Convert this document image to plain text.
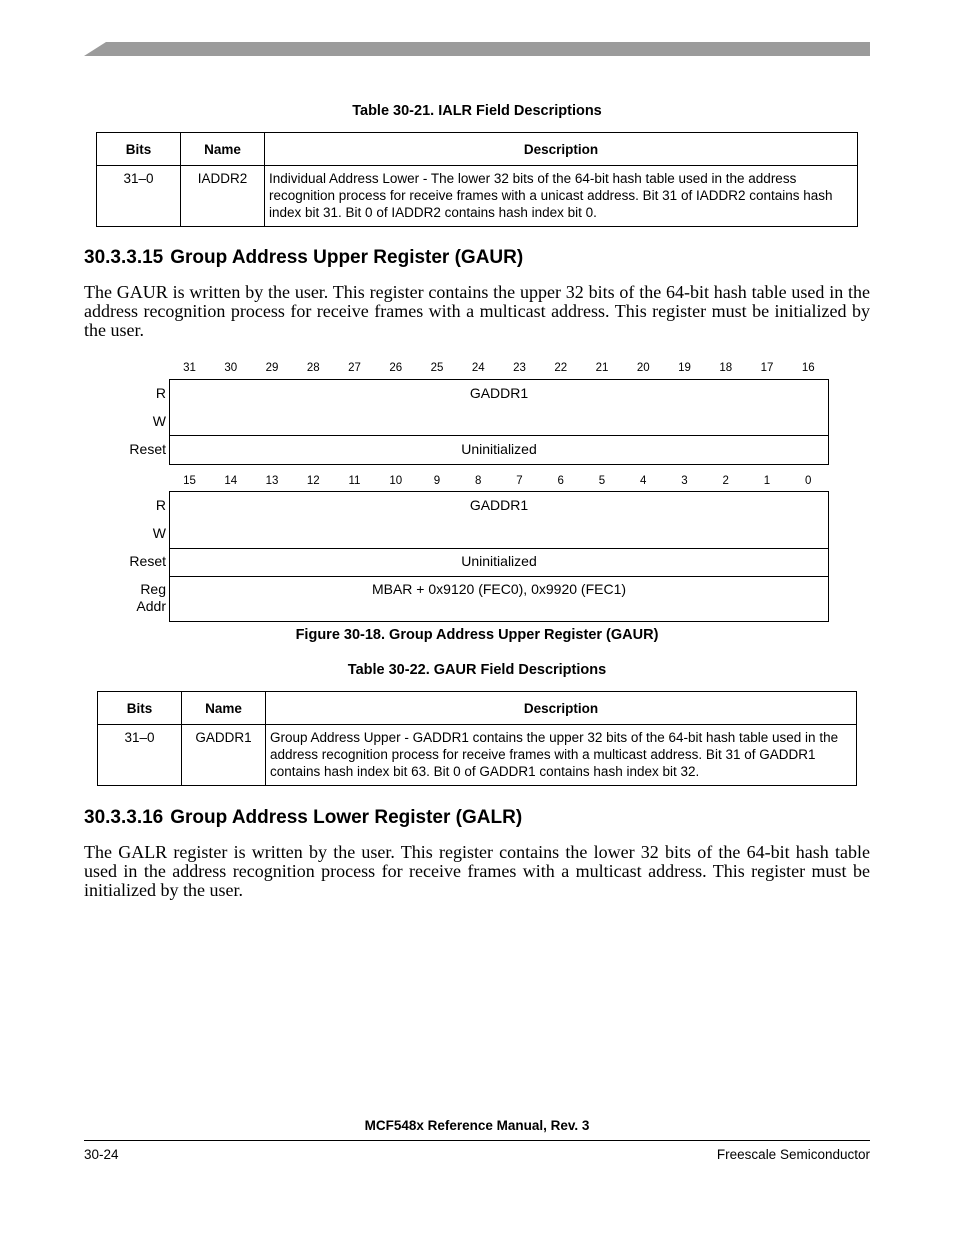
Table 30-21. IALR Field Descriptions
Bits	Name	Description
31–0	IADDR2	Individual Address Lower - The lower 32 bits of the 64-bit hash table used in the address recognition process for receive frames with a unicast address. Bit 31 of IADDR2 contains hash index bit 31. Bit 0 of IADDR2 contains hash index bit 0.
30.3.3.15 Group Address Upper Register (GAUR)
The GAUR is written by the user. This register contains the upper 32 bits of the 64-bit hash table used in the address recognition process for receive frames with a multicast address. This register must be initialized by the user.
31	30	29	28	27	26	25	24	23	22	21	20	19	18	17	16
R
W
GADDR1
Reset	Uninitialized
15	14	13	12	11	10	9	8	7	6	5	4	3	2	1	0
R
W
GADDR1
Reset	Uninitialized
Reg
Addr
MBAR + 0x9120 (FEC0), 0x9920 (FEC1)
Figure 30-18. Group Address Upper Register (GAUR)
Table 30-22. GAUR Field Descriptions
Bits	Name	Description
31–0	GADDR1	Group Address Upper - GADDR1 contains the upper 32 bits of the 64-bit hash table used in the address recognition process for receive frames with a multicast address. Bit 31 of GADDR1 contains hash index bit 63. Bit 0 of GADDR1 contains hash index bit 32.
30.3.3.16 Group Address Lower Register (GALR)
The GALR register is written by the user. This register contains the lower 32 bits of the 64-bit hash table used in the address recognition process for receive frames with a multicast address. This register must be initialized by the user.
MCF548x Reference Manual, Rev. 3
30-24	Freescale Semiconductor
